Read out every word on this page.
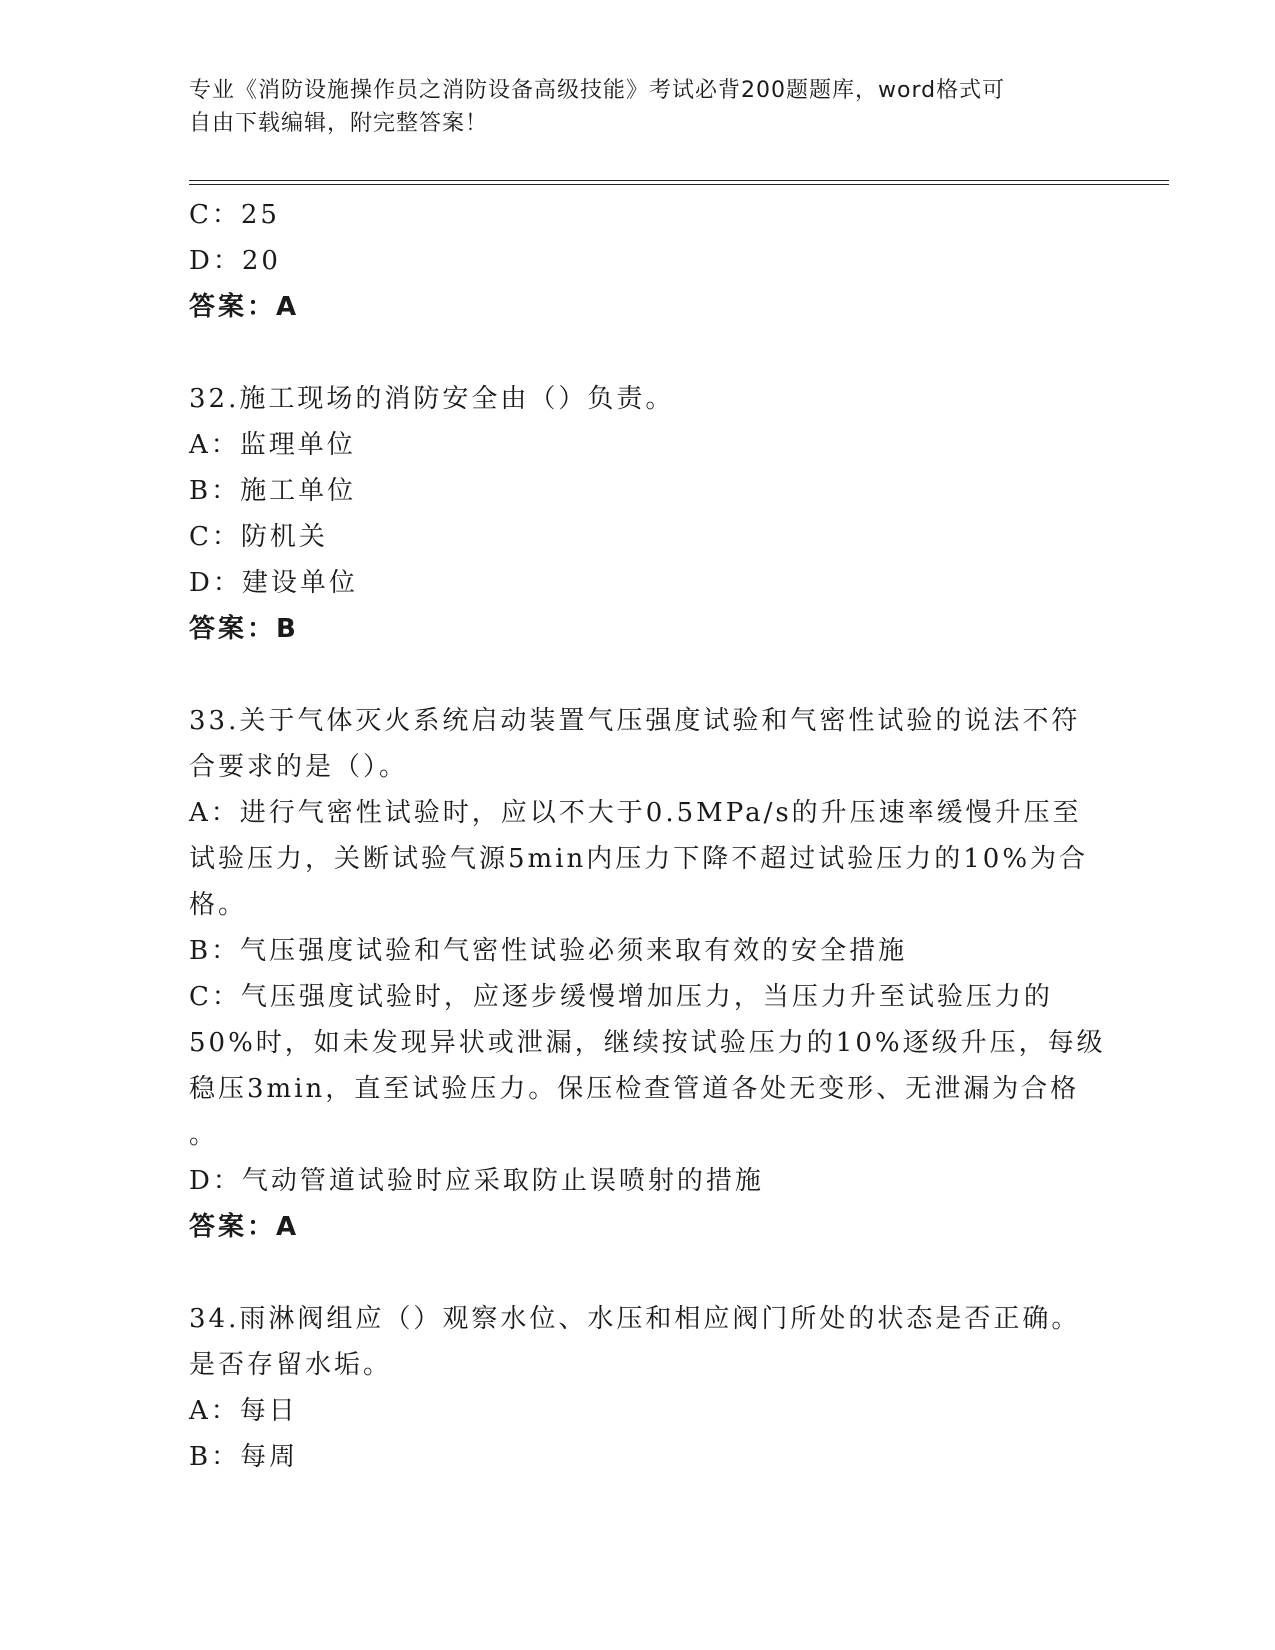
专业《消防设施操作员之消防设备高级技能》考试必背200题题库，word格式可
自由下载编辑，附完整答案！
C：25
D：20
答案：A
32.施工现场的消防安全由（）负责。
A：监理单位
B：施工单位
C：防机关
D：建设单位
答案：B
33.关于气体灭火系统启动装置气压强度试验和气密性试验的说法不符
合要求的是（）。
A：进行气密性试验时，应以不大于0.5MPa/s的升压速率缓慢升压至
试验压力，关断试验气源5min内压力下降不超过试验压力的10%为合
格。
B：气压强度试验和气密性试验必须来取有效的安全措施
C：气压强度试验时，应逐步缓慢增加压力，当压力升至试验压力的
50%时，如未发现异状或泄漏，继续按试验压力的10%逐级升压，每级
稳压3min，直至试验压力。保压检查管道各处无变形、无泄漏为合格
。
D：气动管道试验时应采取防止误喷射的措施
答案：A
34.雨淋阀组应（）观察水位、水压和相应阀门所处的状态是否正确。
是否存留水垢。
A：每日
B：每周
